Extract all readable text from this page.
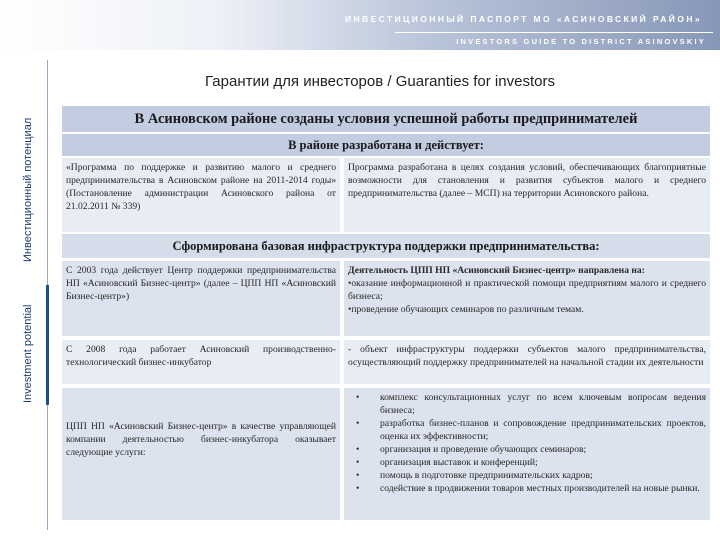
ИНВЕСТИЦИОННЫЙ ПАСПОРТ МО «АСИНОВСКИЙ РАЙОН»
INVESTORS GUIDE TO DISTRICT ASINOVSKIY
Инвестиционный потенциал
Investment potential
Гарантии для инвесторов / Guaranties for investors
В Асиновском районе созданы условия успешной работы предпринимателей
В районе разработана и действует:
«Программа по поддержке и развитию малого и среднего предпринимательства в Асиновском районе на 2011-2014 годы» (Постановление администрации Асиновского района от 21.02.2011 № 339)
Программа разработана в целях создания условий, обеспечивающих благоприятные возможности для становления и развития субъектов малого и среднего предпринимательства (далее – МСП) на территории Асиновского района.
Сформирована базовая инфраструктура поддержки предпринимательства:
С 2003 года действует Центр поддержки предпринимательства НП «Асиновский Бизнес-центр» (далее – ЦПП НП «Асиновский Бизнес-центр»)

Деятельность ЦПП НП «Асиновский Бизнес-центр» направлена на:

•оказание информационной и практической помощи предприятиям малого и среднего бизнеса;

•проведение обучающих семинаров по различным темам.

С 2008 года работает Асиновский производственно-технологический бизнес-инкубатор
- объект инфраструктуры поддержки субъектов малого предпринимательства, осуществляющий поддержку предпринимателей на начальной стадии их деятельности
ЦПП НП «Асиновский Бизнес-центр» в качестве управляющей компании деятельностью бизнес-инкубатора оказывает следующие услуги:
• комплекс консультационных услуг по всем ключевым вопросам ведения бизнеса;
• разработка бизнес-планов и сопровождение предпринимательских проектов, оценка их эффективности;
• организация и проведение обучающих семинаров;
• организация выставок и конференций;
• помощь в подготовке предпринимательских кадров;
• содействие в продвижении товаров местных производителей на новые рынки.
